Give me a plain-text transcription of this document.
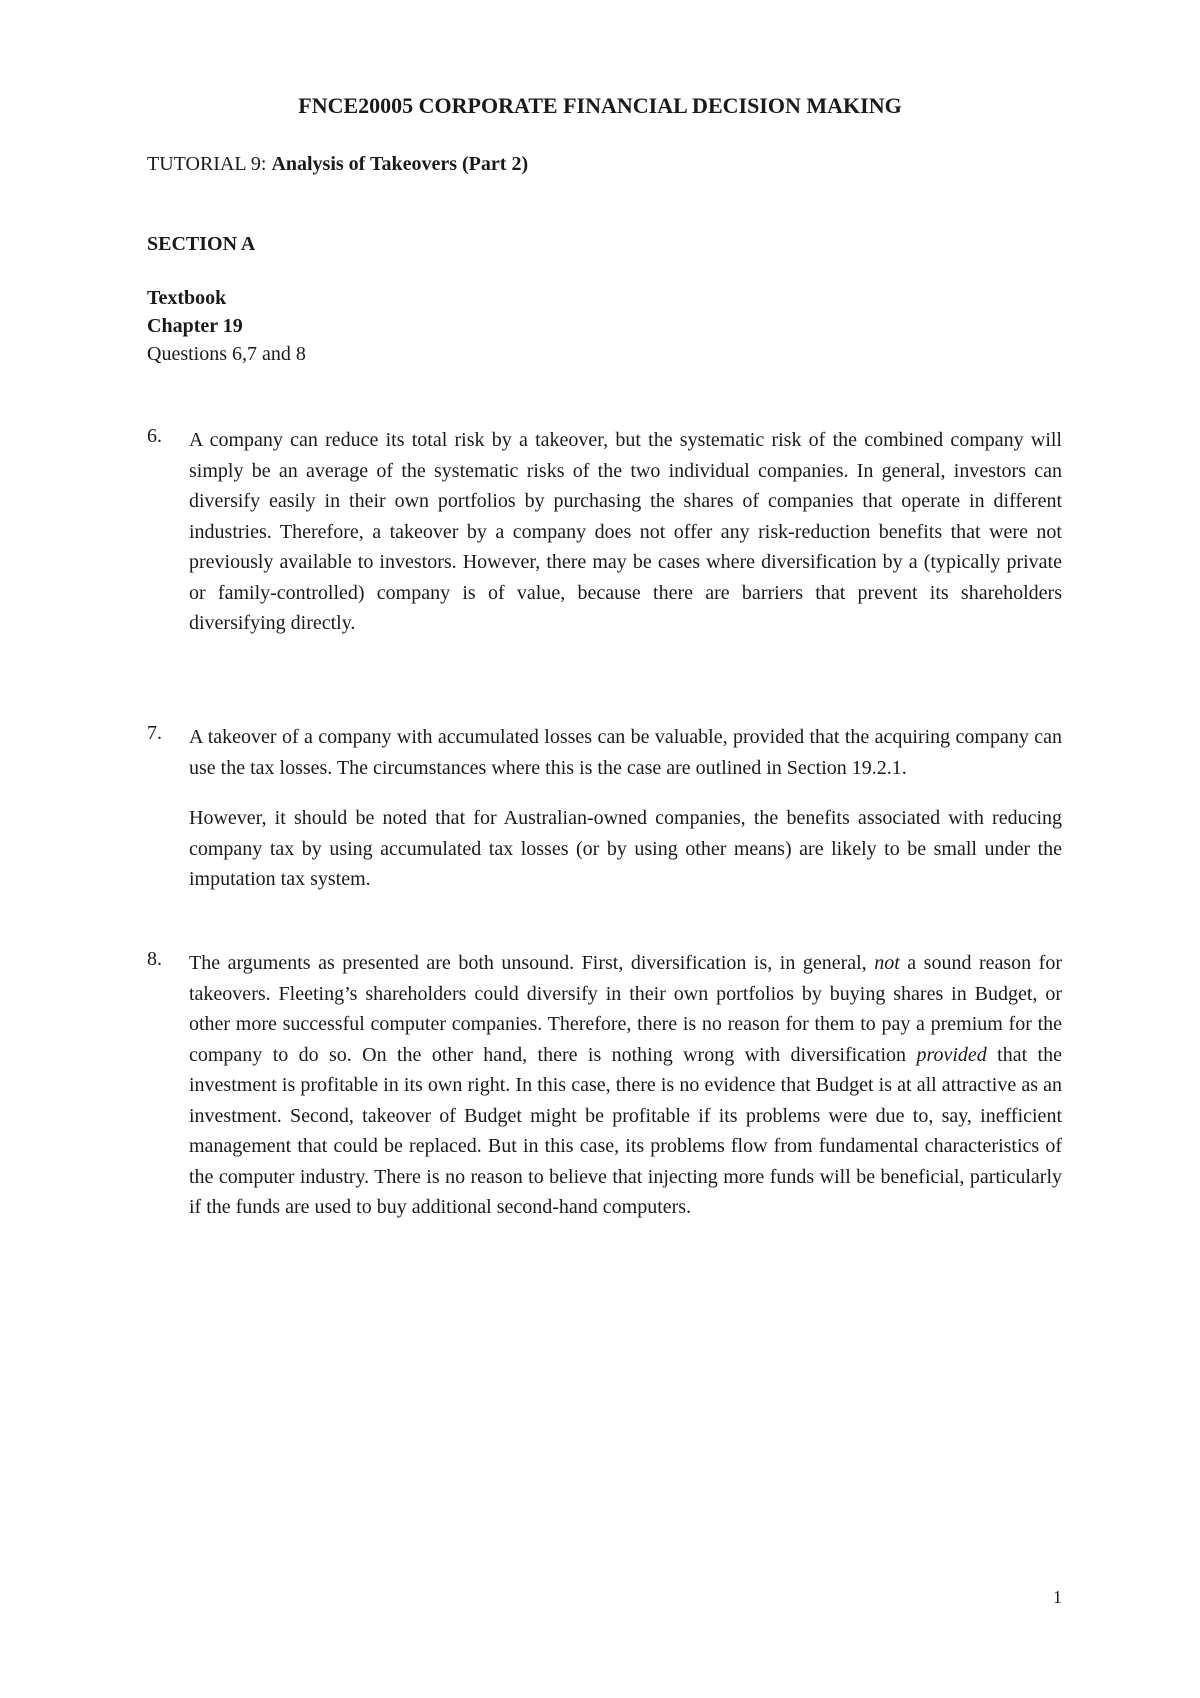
FNCE20005 CORPORATE FINANCIAL DECISION MAKING

TUTORIAL 9: Analysis of Takeovers (Part 2)

SECTION A

Textbook

Chapter 19

Questions 6,7 and 8

6.	A company can reduce its total risk by a takeover, but the systematic risk of the combined company will simply be an average of the systematic risks of the two individual companies. In general, investors can diversify easily in their own portfolios by purchasing the shares of companies that operate in different industries. Therefore, a takeover by a company does not offer any risk-reduction benefits that were not previously available to investors. However, there may be cases where diversification by a (typically private or family-controlled) company is of value, because there are barriers that prevent its shareholders diversifying directly.

7.	A takeover of a company with accumulated losses can be valuable, provided that the acquiring company can use the tax losses. The circumstances where this is the case are outlined in Section 19.2.1.

However, it should be noted that for Australian-owned companies, the benefits associated with reducing company tax by using accumulated tax losses (or by using other means) are likely to be small under the imputation tax system.

8.	The arguments as presented are both unsound. First, diversification is, in general, not a sound reason for takeovers. Fleeting’s shareholders could diversify in their own portfolios by buying shares in Budget, or other more successful computer companies. Therefore, there is no reason for them to pay a premium for the company to do so. On the other hand, there is nothing wrong with diversification provided that the investment is profitable in its own right. In this case, there is no evidence that Budget is at all attractive as an investment. Second, takeover of Budget might be profitable if its problems were due to, say, inefficient management that could be replaced. But in this case, its problems flow from fundamental characteristics of the computer industry. There is no reason to believe that injecting more funds will be beneficial, particularly if the funds are used to buy additional second-hand computers.

1
